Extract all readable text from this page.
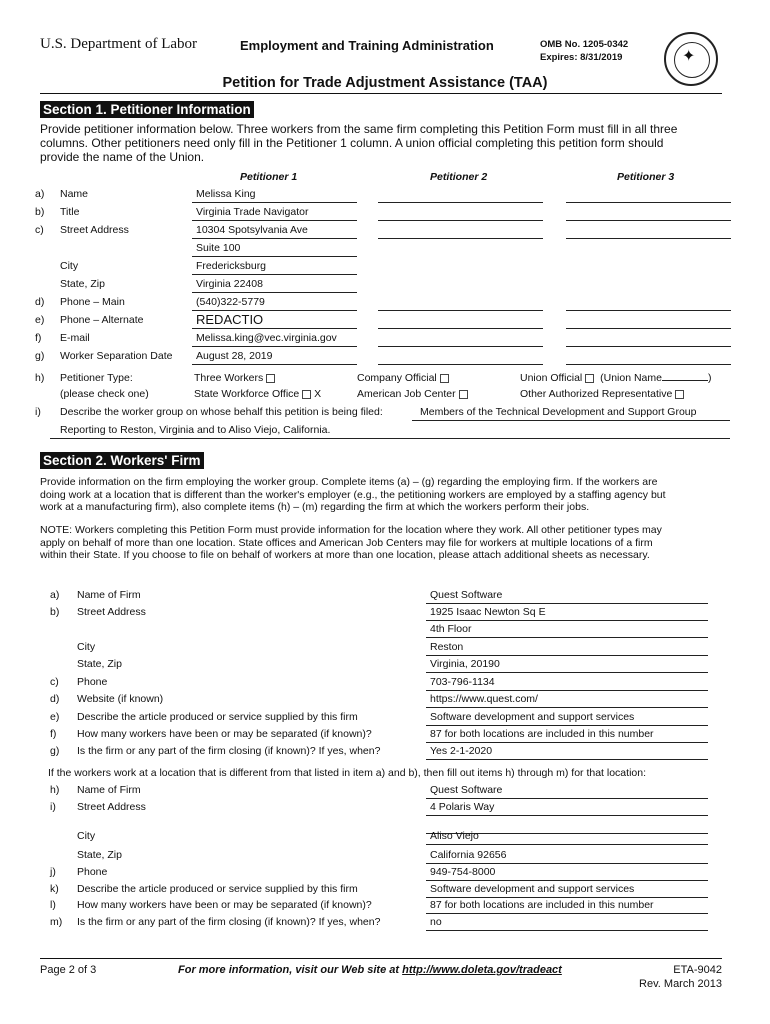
U.S. Department of Labor	Employment and Training Administration	OMB No. 1205-0342
Expires: 8/31/2019	✦
Petition for Trade Adjustment Assistance (TAA)
Section 1. Petitioner Information
Provide petitioner information below. Three workers from the same firm completing this Petition Form must fill in all three
columns. Other petitioners need only fill in the Petitioner 1 column. A union official completing this petition form should
provide the name of the Union.
Petitioner 1	Petitioner 2	Petitioner 3
a) Name	Melissa King
b) Title	Virginia Trade Navigator
c) Street Address	10304 Spotsylvania Ave
Suite 100
City	Fredericksburg
State, Zip	Virginia 22408
d) Phone – Main	(540)322-5779
e) Phone – Alternate	REDACTIO
f) E-mail	Melissa.king@vec.virginia.gov
g) Worker Separation Date August 28, 2019
h) Petitioner Type:
(please check one)
Three Workers
State Workforce Office X
Company Official
American Job Center
Union Official (Union Name	)
Other Authorized Representative
i) Describe the worker group on whose behalf this petition is being filed:	Members of the Technical Development and Support Group
Reporting to Reston, Virginia and to Aliso Viejo, California.
Section 2. Workers' Firm
Provide information on the firm employing the worker group. Complete items (a) – (g) regarding the employing firm. If the workers are
doing work at a location that is different than the worker's employer (e.g., the petitioning workers are employed by a staffing agency but
work at a manufacturing firm), also complete items (h) – (m) regarding the firm at which the workers perform their jobs.
NOTE: Workers completing this Petition Form must provide information for the location where they work. All other petitioner types may
apply on behalf of more than one location. State offices and American Job Centers may file for workers at multiple locations of a firm
within their State. If you choose to file on behalf of workers at more than one location, please attach additional sheets as necessary.
a) Name of Firm	Quest Software
b) Street Address	1925 Isaac Newton Sq E
4th Floor
City	Reston
State, Zip	Virginia, 20190
c) Phone	703-796-1134
d) Website (if known)	https://www.quest.com/
e) Describe the article produced or service supplied by this firm	Software development and support services
f) How many workers have been or may be separated (if known)?	87 for both locations are included in this number
g) Is the firm or any part of the firm closing (if known)? If yes, when?	Yes 2-1-2020
If the workers work at a location that is different from that listed in item a) and b), then fill out items h) through m) for that location:
h) Name of Firm	Quest Software
i) Street Address	4 Polaris Way
City	Aliso Viejo
State, Zip	California 92656
j) Phone	949-754-8000
k) Describe the article produced or service supplied by this firm	Software development and support services
l) How many workers have been or may be separated (if known)?	87 for both locations are included in this number
m) Is the firm or any part of the firm closing (if known)? If yes, when?	no
Page 2 of 3	For more information, visit our Web site at http://www.doleta.gov/tradeact	ETA-9042
Rev. March 2013
